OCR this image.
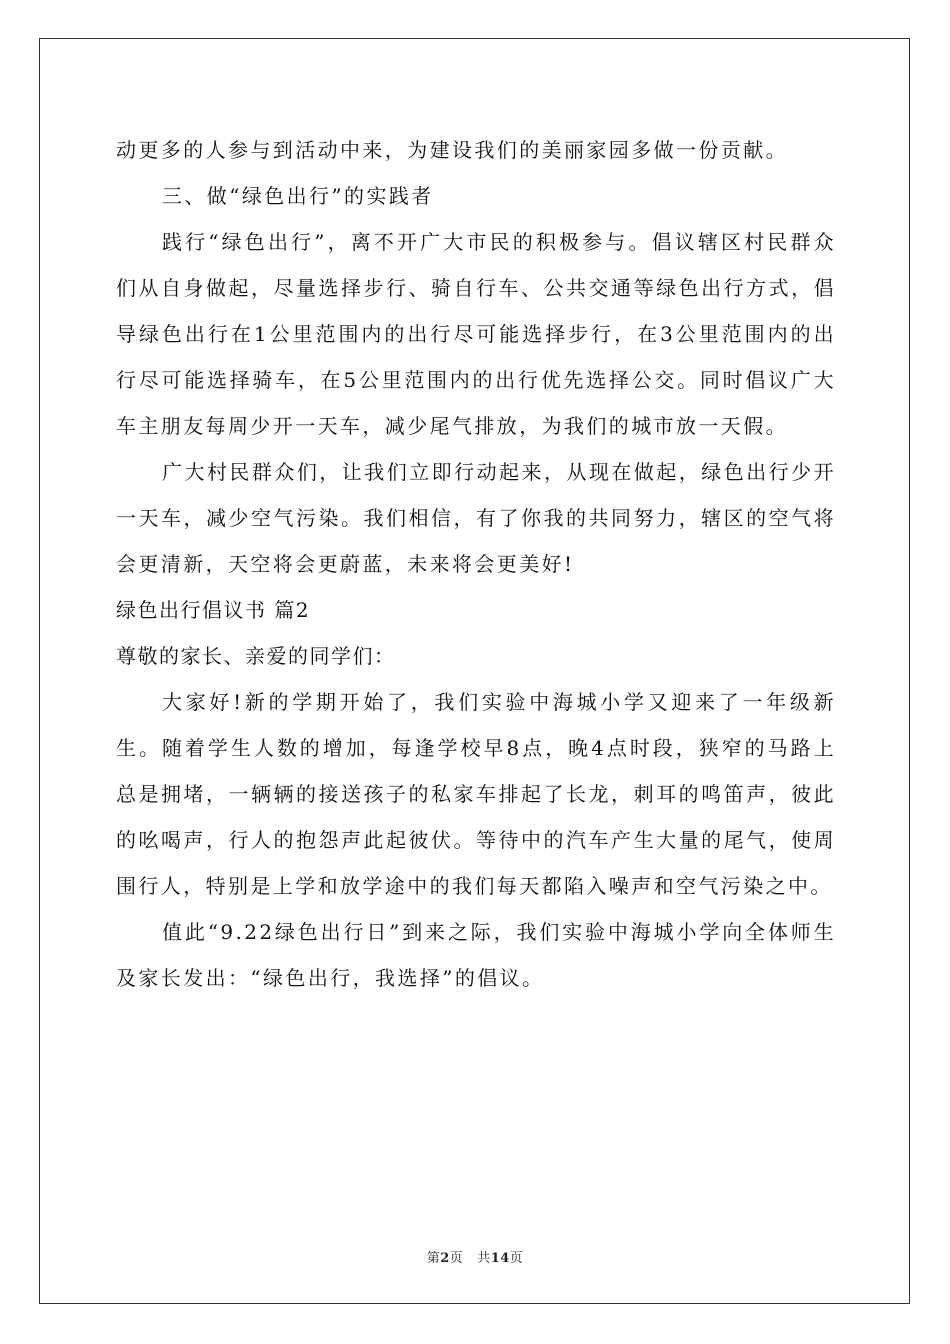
动更多的人参与到活动中来，为建设我们的美丽家园多做一份贡献。

三、做“绿色出行”的实践者

践行“绿色出行”，离不开广大市民的积极参与。倡议辖区村民群众们从自身做起，尽量选择步行、骑自行车、公共交通等绿色出行方式，倡导绿色出行在1公里范围内的出行尽可能选择步行，在3公里范围内的出行尽可能选择骑车，在5公里范围内的出行优先选择公交。同时倡议广大车主朋友每周少开一天车，减少尾气排放，为我们的城市放一天假。

广大村民群众们，让我们立即行动起来，从现在做起，绿色出行少开一天车，减少空气污染。我们相信，有了你我的共同努力，辖区的空气将会更清新，天空将会更蔚蓝，未来将会更美好!

绿色出行倡议书 篇2

尊敬的家长、亲爱的同学们：

大家好!新的学期开始了，我们实验中海城小学又迎来了一年级新生。随着学生人数的增加，每逢学校早8点，晚4点时段，狭窄的马路上总是拥堵，一辆辆的接送孩子的私家车排起了长龙，刺耳的鸣笛声，彼此的吆喝声，行人的抱怨声此起彼伏。等待中的汽车产生大量的尾气，使周围行人，特别是上学和放学途中的我们每天都陷入噪声和空气污染之中。

值此“9.22绿色出行日”到来之际，我们实验中海城小学向全体师生及家长发出：“绿色出行，我选择”的倡议。

第2页 共14页
